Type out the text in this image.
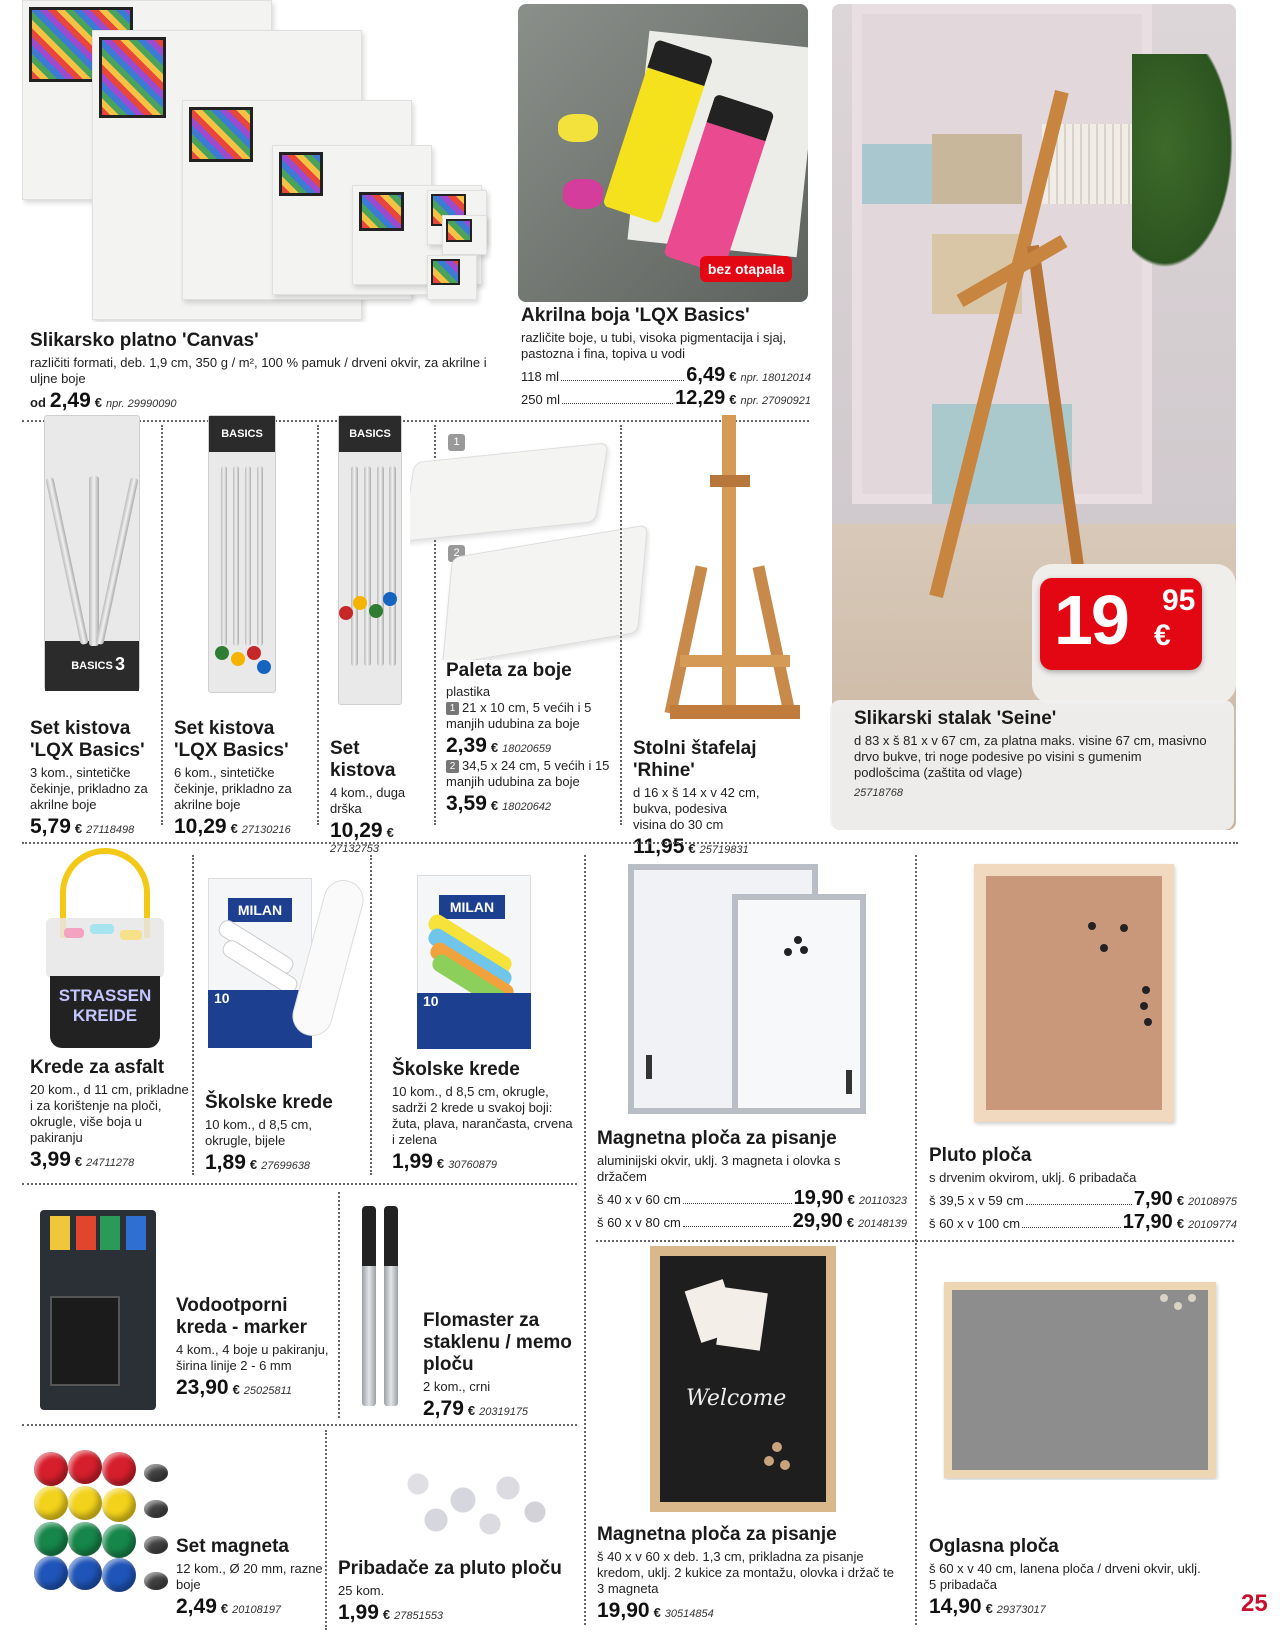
Slikarsko platno 'Canvas'
različiti formati, deb. 1,9 cm, 350 g / m², 100 % pamuk / drveni okvir, za akrilne i uljne boje
od 2,49 € npr. 29990090
bez otapala
Akrilna boja 'LQX Basics'
različite boje, u tubi, visoka pigmentacija i sjaj, pastozna i fina, topiva u vodi
118 ml	6,49 € npr. 18012014
250 ml	12,29 € npr. 27090921
19 95
€
Slikarski stalak 'Seine'
d 83 x š 81 x v 67 cm, za platna maks. visine 67 cm, masivno drvo bukve, tri noge podesive po visini s gumenim podlošcima (zaštita od vlage)
25718768
BASICS 3
BASICS	BASICS
1
2
Set kistova 'LQX Basics'
3 kom., sintetičke čekinje, prikladno za akrilne boje
5,79 € 27118498
Set kistova 'LQX Basics'
6 kom., sintetičke čekinje, prikladno za akrilne boje
10,29 € 27130216
Set kistova
4 kom., duga drška
10,29 €
27132753
Paleta za boje
plastika
1 21 x 10 cm, 5 većih i 5 manjih udubina za boje
2,39 € 18020659
2 34,5 x 24 cm, 5 većih i 15 manjih udubina za boje
3,59 € 18020642
Stolni štafelaj 'Rhine'
d 16 x š 14 x v 42 cm, bukva, podesiva visina do 30 cm
11,95 € 25719831
STRASSEN KREIDE
MILAN
10
MILAN
10
Krede za asfalt
20 kom., d 11 cm, prikladne i za korištenje na ploči, okrugle, više boja u pakiranju
3,99 € 24711278
Školske krede
10 kom., d 8,5 cm, okrugle, bijele
1,89 € 27699638
Školske krede
10 kom., d 8,5 cm, okrugle, sadrži 2 krede u svakoj boji: žuta, plava, narančasta, crvena i zelena
1,99 € 30760879
Magnetna ploča za pisanje
aluminijski okvir, uklj. 3 magneta i olovka s držačem
š 40 x v 60 cm	19,90 € 20110323
š 60 x v 80 cm	29,90 € 20148139
Pluto ploča
s drvenim okvirom, uklj. 6 pribadača
š 39,5 x v 59 cm	7,90 € 20108975
š 60 x v 100 cm	17,90 € 20109774
Vodootporni kreda - marker
4 kom., 4 boje u pakiranju, širina linije 2 - 6 mm
23,90 € 25025811
Flomaster za staklenu / memo ploču
2 kom., crni
2,79 € 20319175
Welcome
Set magneta
12 kom., Ø 20 mm, razne boje
2,49 € 20108197
Pribadače za pluto ploču
25 kom.
1,99 € 27851553
Magnetna ploča za pisanje
š 40 x v 60 x deb. 1,3 cm, prikladna za pisanje kredom, uklj. 2 kukice za montažu, olovka i držač te 3 magneta
19,90 € 30514854
Oglasna ploča
š 60 x v 40 cm, lanena ploča / drveni okvir, uklj. 5 pribadača
14,90 € 29373017	25
